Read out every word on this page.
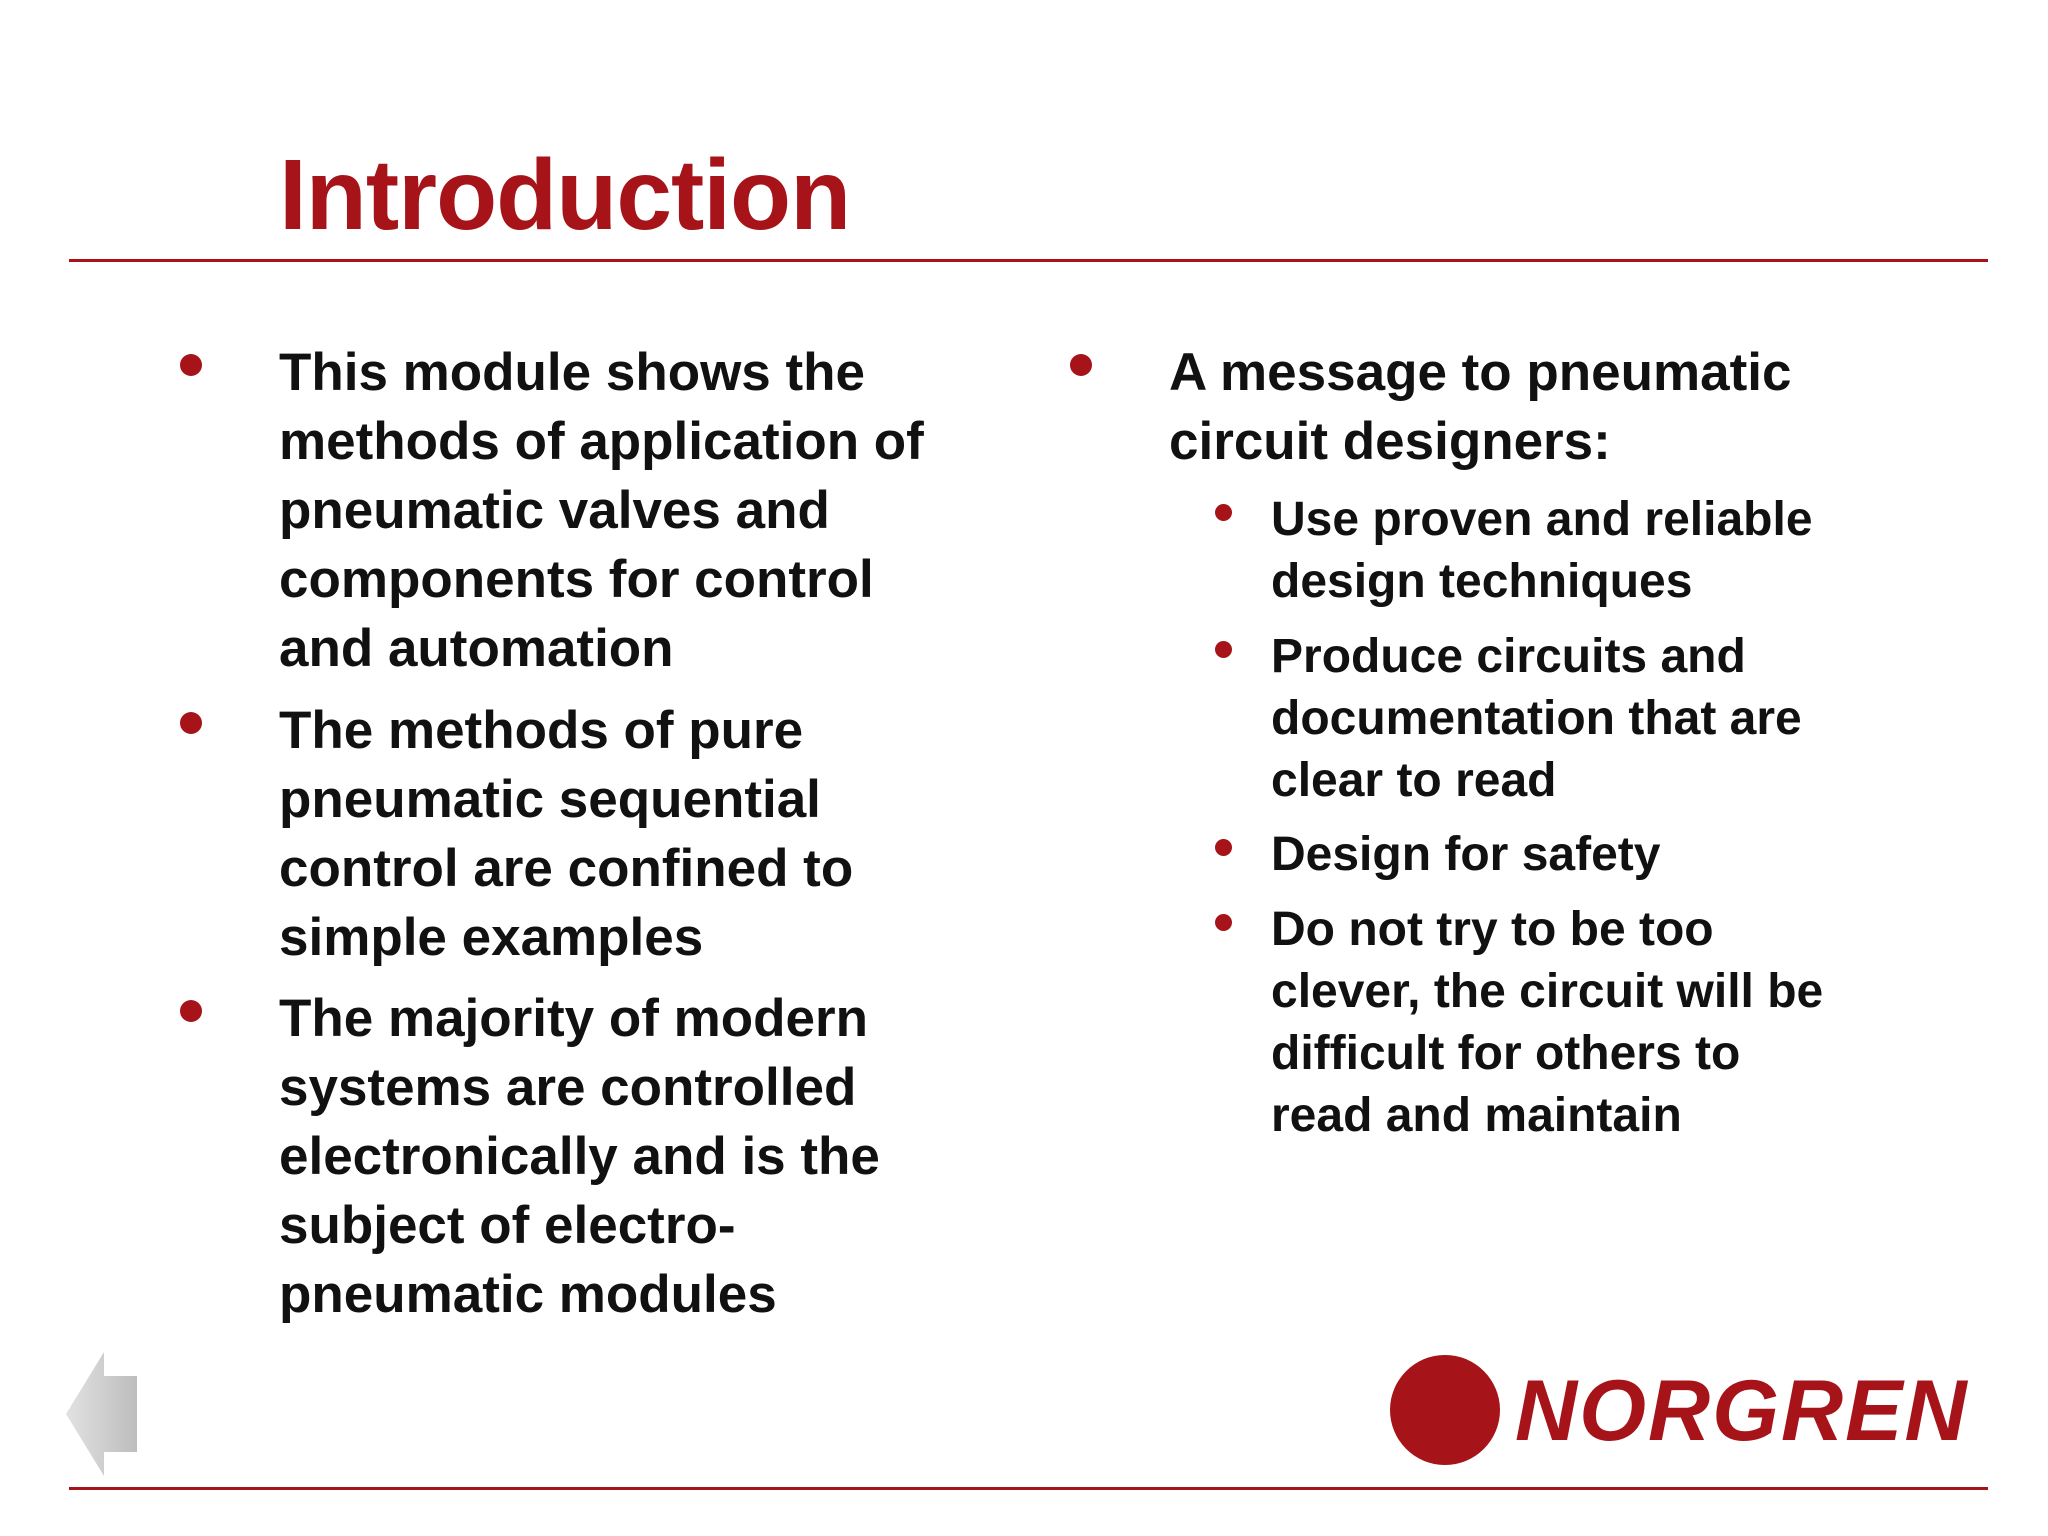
Introduction
This module shows the
methods of application of
pneumatic valves and
components for control
and automation
The methods of pure
pneumatic sequential
control are confined to
simple examples
The majority of modern
systems are controlled
electronically and is the
subject of electro-
pneumatic modules
A message to pneumatic
circuit designers:
Use proven and reliable
design techniques
Produce circuits and
documentation that are
clear to read
Design for safety
Do not try to be too
clever, the circuit will be
difficult for others to
read and maintain
NORGREN
